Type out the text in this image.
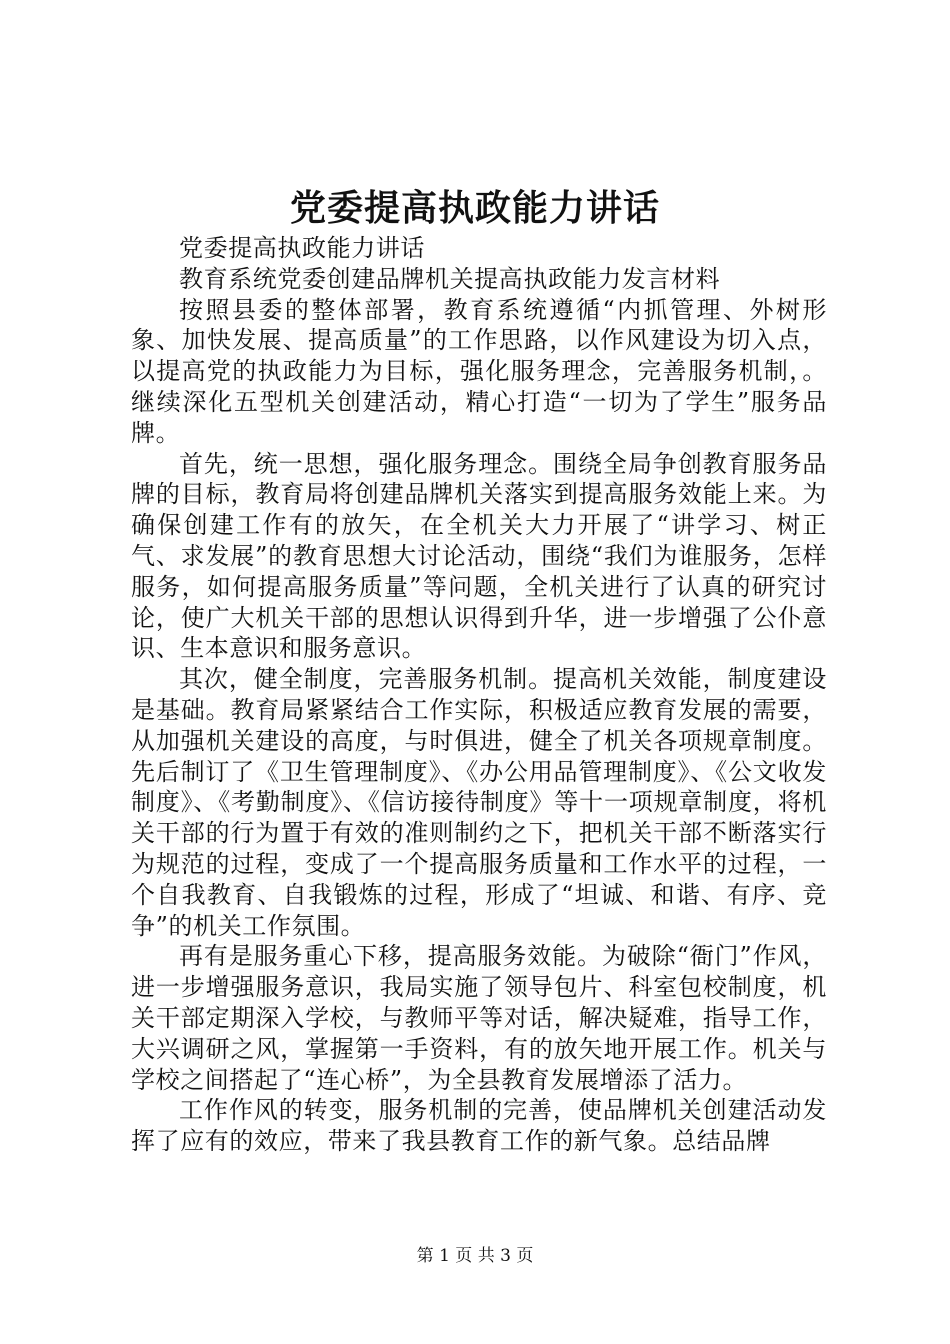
党委提高执政能力讲话

党委提高执政能力讲话

教育系统党委创建品牌机关提高执政能力发言材料

按照县委的整体部署，教育系统遵循“内抓管理、外树形象、加快发展、提高质量”的工作思路，以作风建设为切入点，以提高党的执政能力为目标，强化服务理念，完善服务机制，。继续深化五型机关创建活动，精心打造“一切为了学生”服务品牌。

首先，统一思想，强化服务理念。围绕全局争创教育服务品牌的目标，教育局将创建品牌机关落实到提高服务效能上来。为确保创建工作有的放矢，在全机关大力开展了“讲学习、树正气、求发展”的教育思想大讨论活动，围绕“我们为谁服务，怎样服务，如何提高服务质量”等问题，全机关进行了认真的研究讨论，使广大机关干部的思想认识得到升华，进一步增强了公仆意识、生本意识和服务意识。

其次，健全制度，完善服务机制。提高机关效能，制度建设是基础。教育局紧紧结合工作实际，积极适应教育发展的需要，从加强机关建设的高度，与时俱进，健全了机关各项规章制度。先后制订了《卫生管理制度》、《办公用品管理制度》、《公文收发制度》、《考勤制度》、《信访接待制度》等十一项规章制度，将机关干部的行为置于有效的准则制约之下，把机关干部不断落实行为规范的过程，变成了一个提高服务质量和工作水平的过程，一个自我教育、自我锻炼的过程，形成了“坦诚、和谐、有序、竞争”的机关工作氛围。

再有是服务重心下移，提高服务效能。为破除“衙门”作风，进一步增强服务意识，我局实施了领导包片、科室包校制度，机关干部定期深入学校，与教师平等对话，解决疑难，指导工作，大兴调研之风，掌握第一手资料，有的放矢地开展工作。机关与学校之间搭起了“连心桥”，为全县教育发展增添了活力。

工作作风的转变，服务机制的完善，使品牌机关创建活动发挥了应有的效应，带来了我县教育工作的新气象。总结品牌

第 1 页 共 3 页
